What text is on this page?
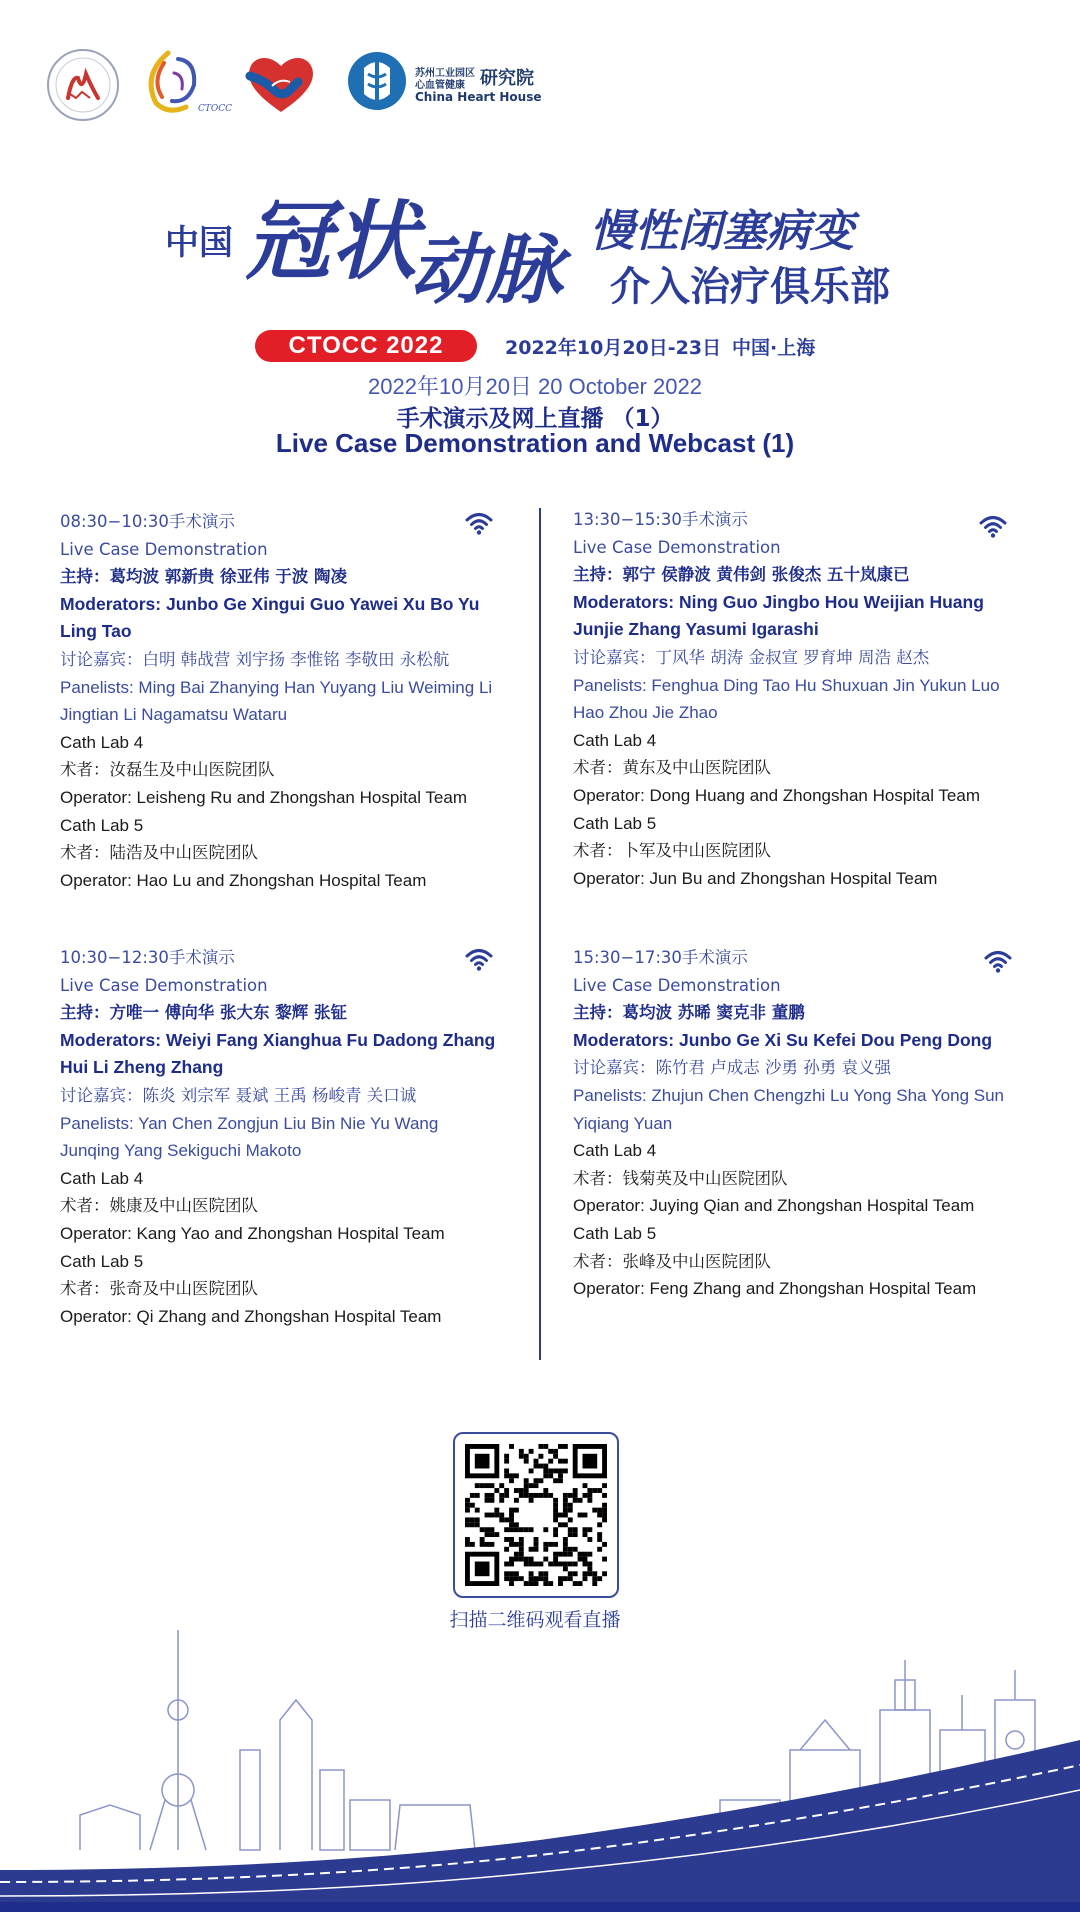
CTOCC
苏州工业园区
心血管健康 研究院
China Heart House
中国 冠状
动脉 慢性闭塞病变
介入治疗俱乐部
CTOCC 2022	2022年10月20日-23日 中国·上海
2022年10月20日 20 October 2022
手术演示及网上直播 （1）
Live Case Demonstration and Webcast (1)
08:30−10:30手术演示
Live Case Demonstration
主持：葛均波 郭新贵 徐亚伟 于波 陶凌
Moderators: Junbo Ge Xingui Guo Yawei Xu Bo Yu
Ling Tao
讨论嘉宾：白明 韩战营 刘宇扬 李惟铭 李敬田 永松航
Panelists: Ming Bai Zhanying Han Yuyang Liu Weiming Li
Jingtian Li Nagamatsu Wataru
Cath Lab 4
术者：汝磊生及中山医院团队
Operator: Leisheng Ru and Zhongshan Hospital Team
Cath Lab 5
术者：陆浩及中山医院团队
Operator: Hao Lu and Zhongshan Hospital Team
13:30−15:30手术演示
Live Case Demonstration
主持：郭宁 侯静波 黄伟剑 张俊杰 五十岚康已
Moderators: Ning Guo Jingbo Hou Weijian Huang
Junjie Zhang Yasumi Igarashi
讨论嘉宾：丁风华 胡涛 金叔宣 罗育坤 周浩 赵杰
Panelists: Fenghua Ding Tao Hu Shuxuan Jin Yukun Luo
Hao Zhou Jie Zhao
Cath Lab 4
术者：黄东及中山医院团队
Operator: Dong Huang and Zhongshan Hospital Team
Cath Lab 5
术者：卜军及中山医院团队
Operator: Jun Bu and Zhongshan Hospital Team
10:30−12:30手术演示
Live Case Demonstration
主持：方唯一 傅向华 张大东 黎辉 张钲
Moderators: Weiyi Fang Xianghua Fu Dadong Zhang
Hui Li Zheng Zhang
讨论嘉宾：陈炎 刘宗军 聂斌 王禹 杨峻青 关口诚
Panelists: Yan Chen Zongjun Liu Bin Nie Yu Wang
Junqing Yang Sekiguchi Makoto
Cath Lab 4
术者：姚康及中山医院团队
Operator: Kang Yao and Zhongshan Hospital Team
Cath Lab 5
术者：张奇及中山医院团队
Operator: Qi Zhang and Zhongshan Hospital Team
15:30−17:30手术演示
Live Case Demonstration
主持：葛均波 苏晞 窦克非 董鹏
Moderators: Junbo Ge Xi Su Kefei Dou Peng Dong
讨论嘉宾：陈竹君 卢成志 沙勇 孙勇 袁义强
Panelists: Zhujun Chen Chengzhi Lu Yong Sha Yong Sun
Yiqiang Yuan
Cath Lab 4
术者：钱菊英及中山医院团队
Operator: Juying Qian and Zhongshan Hospital Team
Cath Lab 5
术者：张峰及中山医院团队
Operator: Feng Zhang and Zhongshan Hospital Team
扫描二维码观看直播
